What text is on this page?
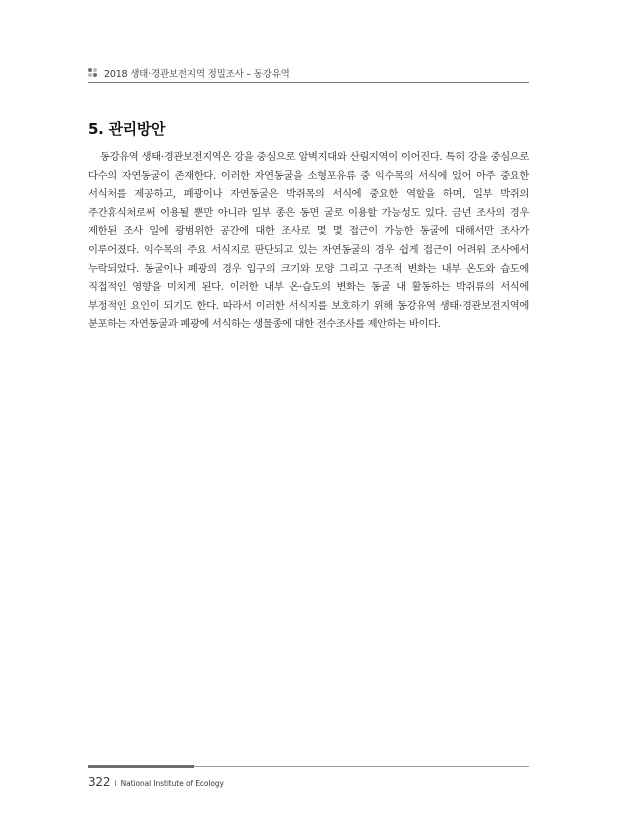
2018 생태·경관보전지역 정밀조사 – 동강유역
5. 관리방안

동강유역 생태·경관보전지역은 강을 중심으로 암벽지대와 산림지역이 이어진다. 특히 강을 중심으로 다수의 자연동굴이 존재한다. 이러한 자연동굴을 소형포유류 중 익수목의 서식에 있어 아주 중요한 서식처를 제공하고, 폐광이나 자연동굴은 박쥐목의 서식에 중요한 역할을 하며, 일부 박쥐의 주간휴식처로써 이용될 뿐만 아니라 일부 종은 동면 굴로 이용할 가능성도 있다. 금년 조사의 경우 제한된 조사 일에 광범위한 공간에 대한 조사로 몇 몇 접근이 가능한 동굴에 대해서만 조사가 이루어졌다. 익수목의 주요 서식지로 판단되고 있는 자연동굴의 경우 쉽게 접근이 어려워 조사에서 누락되었다. 동굴이나 폐광의 경우 입구의 크기와 모양 그리고 구조적 변화는 내부 온도와 습도에 직접적인 영향을 미치게 된다. 이러한 내부 온·습도의 변화는 동굴 내 활동하는 박쥐류의 서식에 부정적인 요인이 되기도 한다. 따라서 이러한 서식지를 보호하기 위해 동강유역 생태·경관보전지역에 분포하는 자연동굴과 폐광에 서식하는 생물종에 대한 전수조사를 제안하는 바이다.

322 I National Institute of Ecology
